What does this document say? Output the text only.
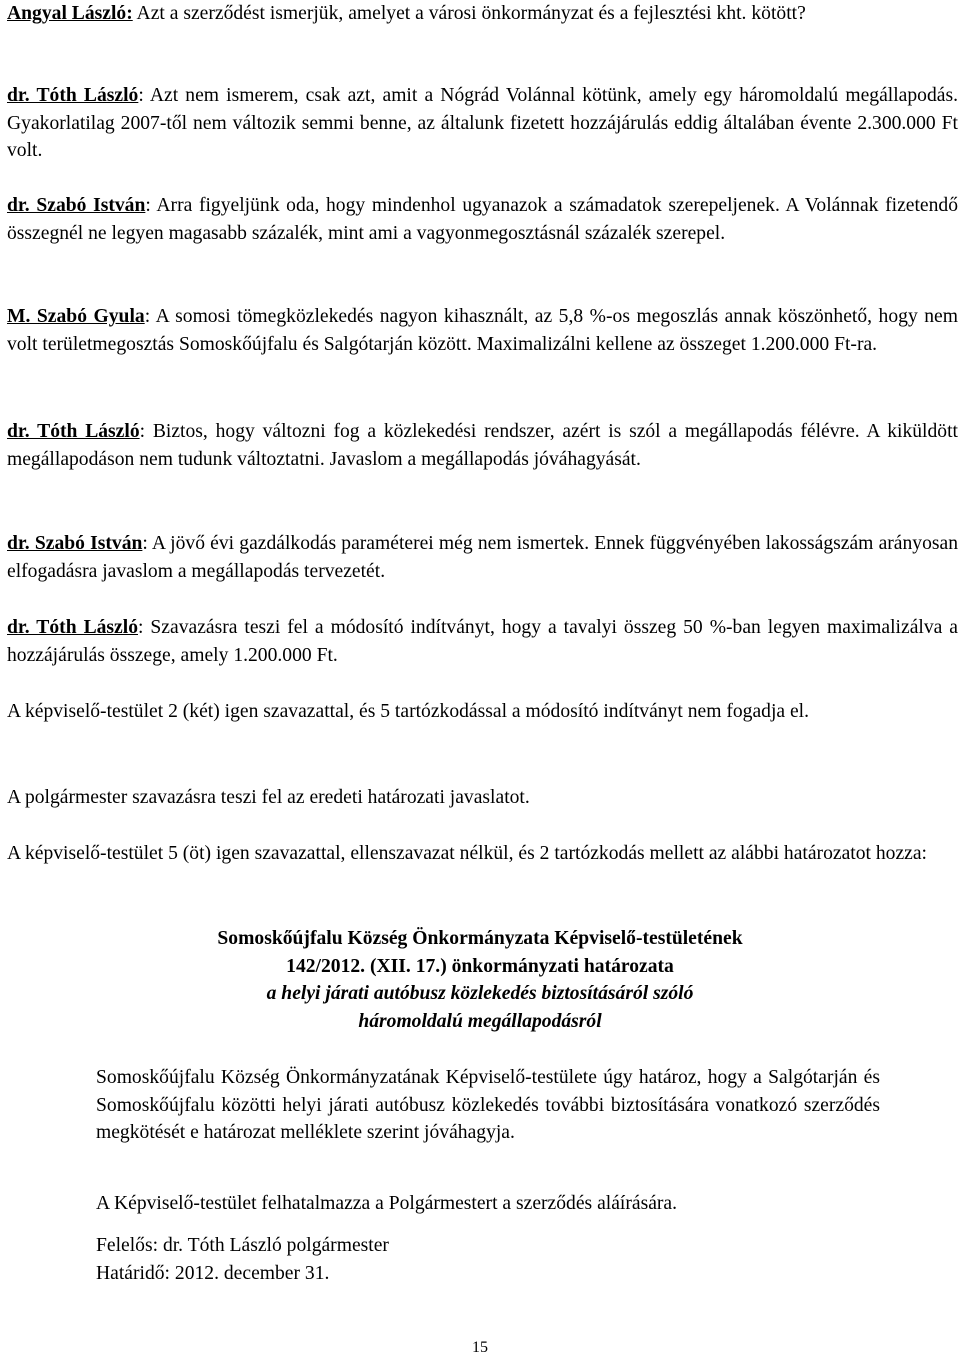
Angyal László: Azt a szerződést ismerjük, amelyet a városi önkormányzat és a fejlesztési kht. kötött?

dr. Tóth László: Azt nem ismerem, csak azt, amit a Nógrád Volánnal kötünk, amely egy háromoldalú megállapodás. Gyakorlatilag 2007-től nem változik semmi benne, az általunk fizetett hozzájárulás eddig általában évente 2.300.000 Ft volt.

dr. Szabó István: Arra figyeljünk oda, hogy mindenhol ugyanazok a számadatok szerepeljenek. A Volánnak fizetendő összegnél ne legyen magasabb százalék, mint ami a vagyonmegosztásnál százalék szerepel.

M. Szabó Gyula: A somosi tömegközlekedés nagyon kihasznált, az 5,8 %-os megoszlás annak köszönhető, hogy nem volt területmegosztás Somoskőújfalu és Salgótarján között. Maximalizálni kellene az összeget 1.200.000 Ft-ra.

dr. Tóth László: Biztos, hogy változni fog a közlekedési rendszer, azért is szól a megállapodás félévre. A kiküldött megállapodáson nem tudunk változtatni. Javaslom a megállapodás jóváhagyását.

dr. Szabó István: A jövő évi gazdálkodás paraméterei még nem ismertek. Ennek függvényében lakosságszám arányosan elfogadásra javaslom a megállapodás tervezetét.

dr. Tóth László: Szavazásra teszi fel a módosító indítványt, hogy a tavalyi összeg 50 %-ban legyen maximalizálva a hozzájárulás összege, amely 1.200.000 Ft.

A képviselő-testület 2 (két) igen szavazattal, és 5 tartózkodással a módosító indítványt nem fogadja el.

A polgármester szavazásra teszi fel az eredeti határozati javaslatot.

A képviselő-testület 5 (öt) igen szavazattal, ellenszavazat nélkül, és 2 tartózkodás mellett az alábbi határozatot hozza:

Somoskőújfalu Község Önkormányzata Képviselő-testületének
142/2012. (XII. 17.) önkormányzati határozata
a helyi járati autóbusz közlekedés biztosításáról szóló
háromoldalú megállapodásról

Somoskőújfalu Község Önkormányzatának Képviselő-testülete úgy határoz, hogy a Salgótarján és Somoskőújfalu közötti helyi járati autóbusz közlekedés további biztosítására vonatkozó szerződés megkötését e határozat melléklete szerint jóváhagyja.

A Képviselő-testület felhatalmazza a Polgármestert a szerződés aláírására.

Felelős: dr. Tóth László polgármester

Határidő: 2012. december 31.

15
